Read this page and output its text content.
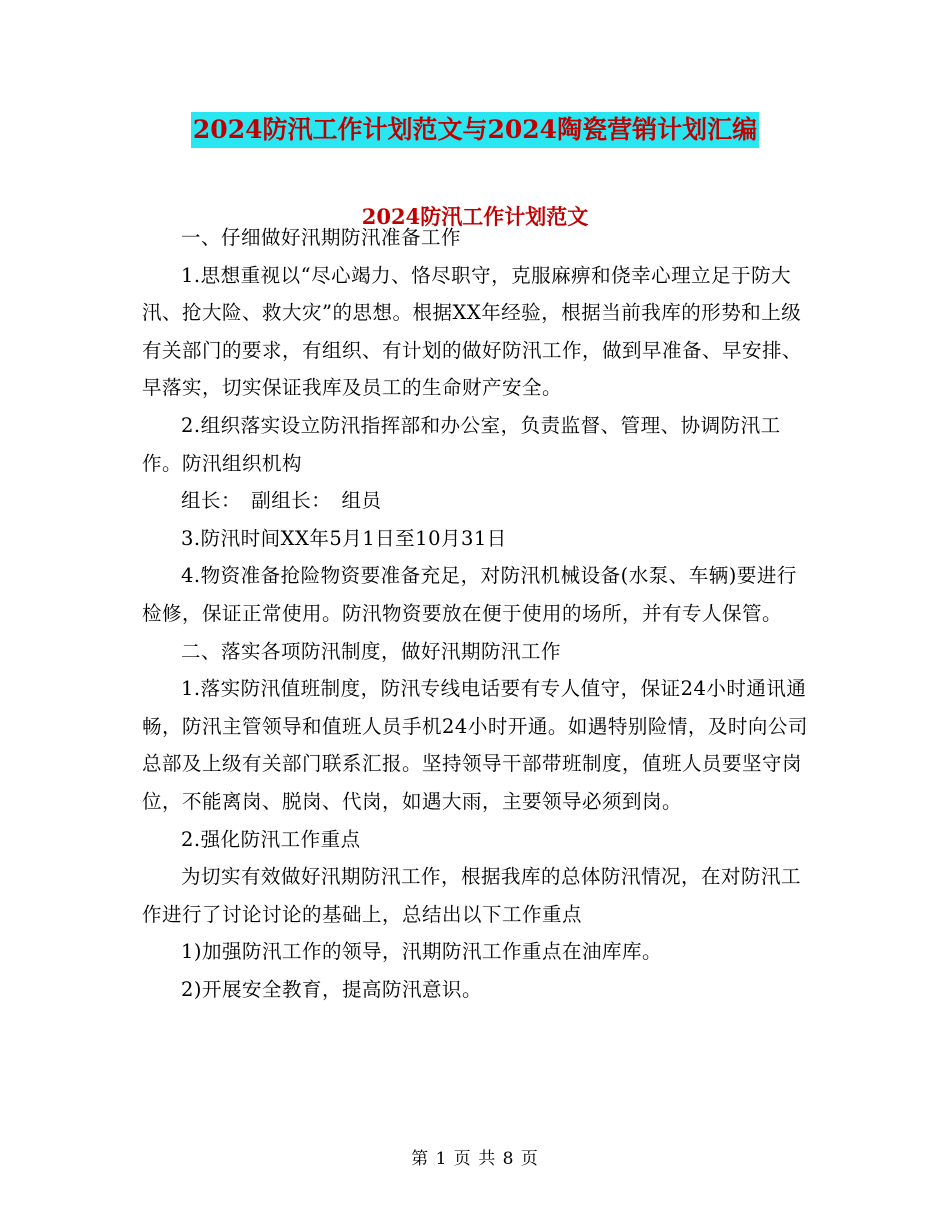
2024防汛工作计划范文与2024陶瓷营销计划汇编
2024防汛工作计划范文

一、仔细做好汛期防汛准备工作

1.思想重视以“尽心竭力、恪尽职守，克服麻痹和侥幸心理立足于防大汛、抢大险、救大灾”的思想。根据XX年经验，根据当前我库的形势和上级有关部门的要求，有组织、有计划的做好防汛工作，做到早准备、早安排、早落实，切实保证我库及员工的生命财产安全。

2.组织落实设立防汛指挥部和办公室，负责监督、管理、协调防汛工作。防汛组织机构

组长：　副组长：　组员

3.防汛时间XX年5月1日至10月31日

4.物资准备抢险物资要准备充足，对防汛机械设备(水泵、车辆)要进行检修，保证正常使用。防汛物资要放在便于使用的场所，并有专人保管。

二、落实各项防汛制度，做好汛期防汛工作

1.落实防汛值班制度，防汛专线电话要有专人值守，保证24小时通讯通畅，防汛主管领导和值班人员手机24小时开通。如遇特别险情，及时向公司总部及上级有关部门联系汇报。坚持领导干部带班制度，值班人员要坚守岗位，不能离岗、脱岗、代岗，如遇大雨，主要领导必须到岗。

2.强化防汛工作重点

为切实有效做好汛期防汛工作，根据我库的总体防汛情况，在对防汛工作进行了讨论讨论的基础上，总结出以下工作重点

1)加强防汛工作的领导，汛期防汛工作重点在油库库。

2)开展安全教育，提高防汛意识。

第 1 页 共 8 页
